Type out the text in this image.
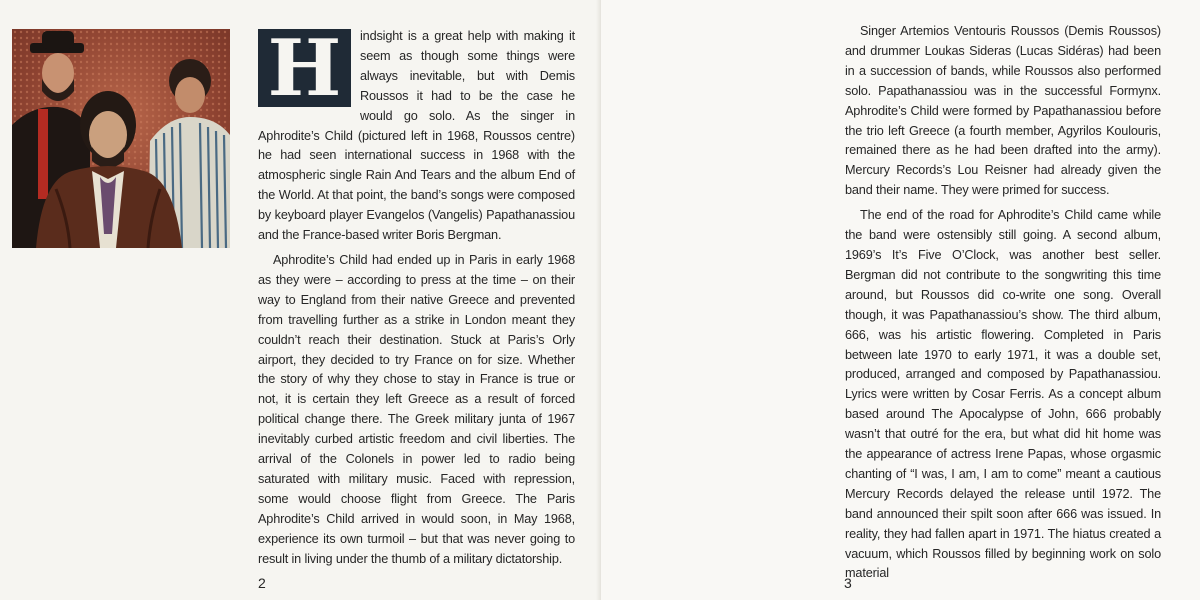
H	indsight is a great help with making it seem as though some things were always inevitable, but with Demis Roussos it had to be the case he would go solo. As the singer in Aphrodite’s Child (pictured left in 1968, Roussos centre) he had seen international success in 1968 with the atmospheric single Rain And Tears and the album End of the World. At that point, the band’s songs were composed by keyboard player Evangelos (Vangelis) Papathanassiou and the France-based writer Boris Bergman.

Aphrodite’s Child had ended up in Paris in early 1968 as they were – according to press at the time – on their way to England from their native Greece and prevented from travelling further as a strike in London meant they couldn’t reach their destination. Stuck at Paris’s Orly airport, they decided to try France on for size. Whether the story of why they chose to stay in France is true or not, it is certain they left Greece as a result of forced political change there. The Greek military junta of 1967 inevitably curbed artistic freedom and civil liberties. The arrival of the Colonels in power led to radio being saturated with military music. Faced with repression, some would choose flight from Greece. The Paris Aphrodite’s Child arrived in would soon, in May 1968, experience its own turmoil – but that was never going to result in living under the thumb of a military dictatorship.

2

Singer Artemios Ventouris Roussos (Demis Roussos) and drummer Loukas Sideras (Lucas Sidéras) had been in a succession of bands, while Roussos also performed solo. Papathanassiou was in the successful Formynx. Aphrodite’s Child were formed by Papathanassiou before the trio left Greece (a fourth member, Agyrilos Koulouris, remained there as he had been drafted into the army). Mercury Records’s Lou Reisner had already given the band their name. They were primed for success.

The end of the road for Aphrodite’s Child came while the band were ostensibly still going. A second album, 1969’s It’s Five O’Clock, was another best seller. Bergman did not contribute to the songwriting this time around, but Roussos did co-write one song. Overall though, it was Papathanassiou’s show. The third album, 666, was his artistic flowering. Completed in Paris between late 1970 to early 1971, it was a double set, produced, arranged and composed by Papathanassiou. Lyrics were written by Cosar Ferris. As a concept album based around The Apocalypse of John, 666 probably wasn’t that outré for the era, but what did hit home was the appearance of actress Irene Papas, whose orgasmic chanting of “I was, I am, I am to come” meant a cautious Mercury Records delayed the release until 1972. The band announced their spilt soon after 666 was issued. In reality, they had fallen apart in 1971. The hiatus created a vacuum, which Roussos filled by beginning work on solo material

3
